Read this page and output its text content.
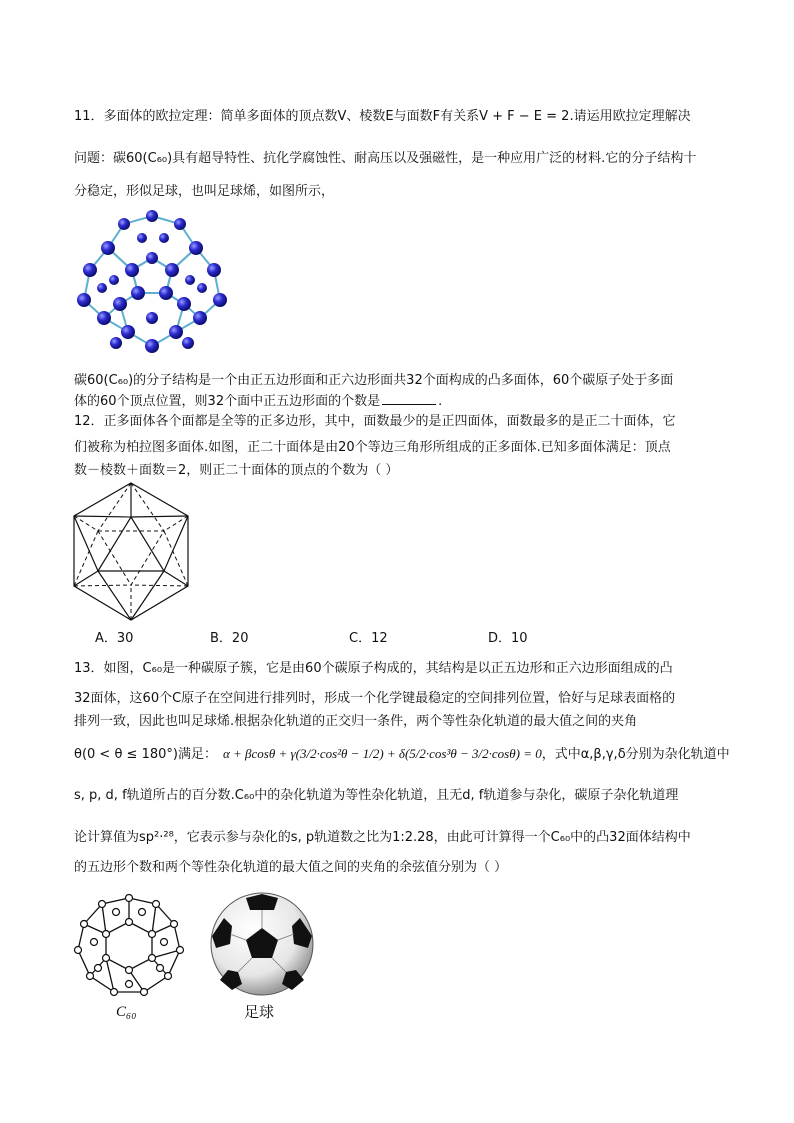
11．多面体的欧拉定理：简单多面体的顶点数V、棱数E与面数F有关系V + F − E = 2.请运用欧拉定理解决
问题：碳60(C₆₀)具有超导特性、抗化学腐蚀性、耐高压以及强磁性，是一种应用广泛的材料.它的分子结构十
分稳定，形似足球，也叫足球烯，如图所示，
碳60(C₆₀)的分子结构是一个由正五边形面和正六边形面共32个面构成的凸多面体，60个碳原子处于多面
体的60个顶点位置，则32个面中正五边形面的个数是	.
12．正多面体各个面都是全等的正多边形，其中，面数最少的是正四面体，面数最多的是正二十面体，它
们被称为柏拉图多面体.如图，正二十面体是由20个等边三角形所组成的正多面体.已知多面体满足：顶点
数－棱数＋面数＝2，则正二十面体的顶点的个数为（ ）
A．30	B．20	C．12	D．10
13．如图，C₆₀是一种碳原子簇，它是由60个碳原子构成的，其结构是以正五边形和正六边形面组成的凸
32面体，这60个C原子在空间进行排列时，形成一个化学键最稳定的空间排列位置，恰好与足球表面格的
排列一致，因此也叫足球烯.根据杂化轨道的正交归一条件，两个等性杂化轨道的最大值之间的夹角
θ(0 < θ ≤ 180°)满足： α + βcosθ + γ(3/2·cos²θ − 1/2) + δ(5/2·cos³θ − 3/2·cosθ) = 0，式中α,β,γ,δ分别为杂化轨道中
s, p, d, f轨道所占的百分数.C₆₀中的杂化轨道为等性杂化轨道，且无d, f轨道参与杂化，碳原子杂化轨道理
论计算值为sp²·²⁸，它表示参与杂化的s, p轨道数之比为1:2.28，由此可计算得一个C₆₀中的凸32面体结构中
的五边形个数和两个等性杂化轨道的最大值之间的夹角的余弦值分别为（ ）
C₆₀	足球
